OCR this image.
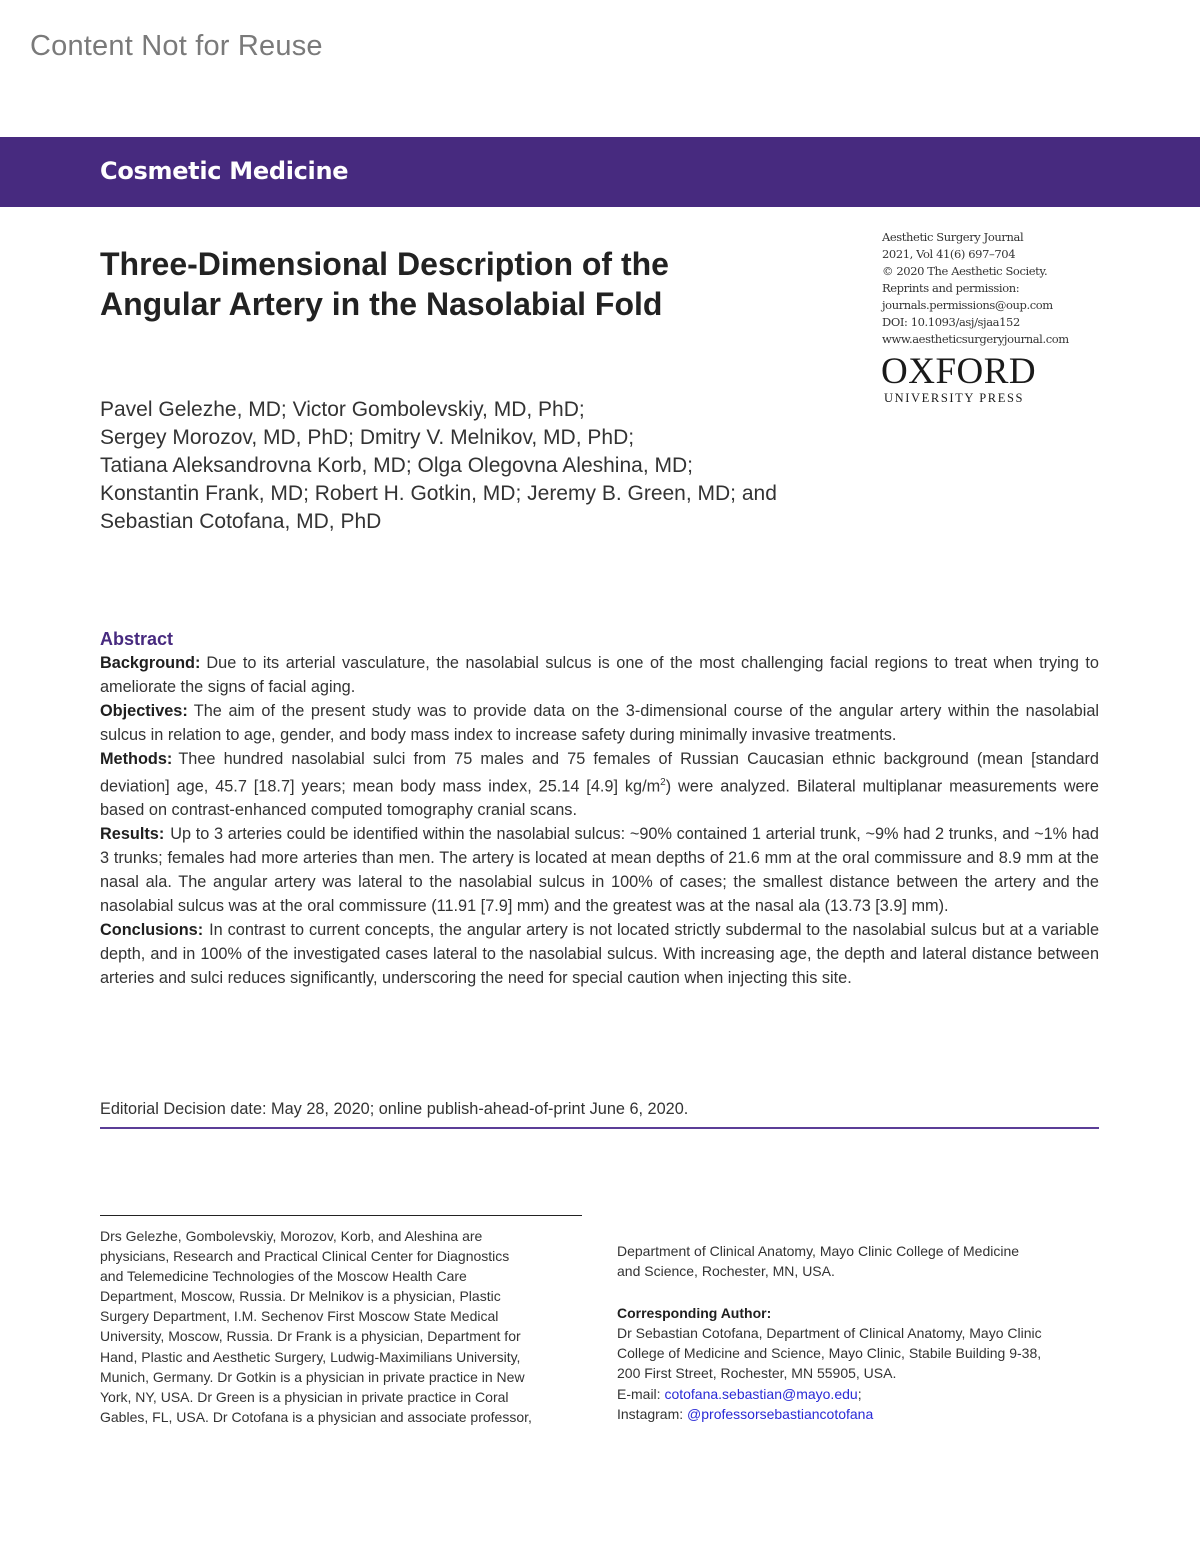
Content Not for Reuse
Cosmetic Medicine
Three-Dimensional Description of the
Angular Artery in the Nasolabial Fold
Aesthetic Surgery Journal
2021, Vol 41(6) 697–704
© 2020 The Aesthetic Society.
Reprints and permission:
journals.permissions@oup.com
DOI: 10.1093/asj/sjaa152
www.aestheticsurgeryjournal.com
OXFORD
UNIVERSITY PRESS
Pavel Gelezhe, MD; Victor Gombolevskiy, MD, PhD;
Sergey Morozov, MD, PhD; Dmitry V. Melnikov, MD, PhD;
Tatiana Aleksandrovna Korb, MD; Olga Olegovna Aleshina, MD;
Konstantin Frank, MD; Robert H. Gotkin, MD; Jeremy B. Green, MD; and
Sebastian Cotofana, MD, PhD
Abstract
Background: Due to its arterial vasculature, the nasolabial sulcus is one of the most challenging facial regions to treat when trying to ameliorate the signs of facial aging.
Objectives: The aim of the present study was to provide data on the 3-dimensional course of the angular artery within the nasolabial sulcus in relation to age, gender, and body mass index to increase safety during minimally invasive treatments.
Methods: Thee hundred nasolabial sulci from 75 males and 75 females of Russian Caucasian ethnic background (mean [standard deviation] age, 45.7 [18.7] years; mean body mass index, 25.14 [4.9] $kg/m^2$) were analyzed. Bilateral multiplanar measurements were based on contrast-enhanced computed tomography cranial scans.
Results: Up to 3 arteries could be identified within the nasolabial sulcus: ~90% contained 1 arterial trunk, ~9% had 2 trunks, and ~1% had 3 trunks; females had more arteries than men. The artery is located at mean depths of 21.6 mm at the oral commissure and 8.9 mm at the nasal ala. The angular artery was lateral to the nasolabial sulcus in 100% of cases; the smallest distance between the artery and the nasolabial sulcus was at the oral commissure (11.91 [7.9] mm) and the greatest was at the nasal ala (13.73 [3.9] mm).
Conclusions: In contrast to current concepts, the angular artery is not located strictly subdermal to the nasolabial sulcus but at a variable depth, and in 100% of the investigated cases lateral to the nasolabial sulcus. With increasing age, the depth and lateral distance between arteries and sulci reduces significantly, underscoring the need for special caution when injecting this site.
Editorial Decision date: May 28, 2020; online publish-ahead-of-print June 6, 2020.
Drs Gelezhe, Gombolevskiy, Morozov, Korb, and Aleshina are
physicians, Research and Practical Clinical Center for Diagnostics
and Telemedicine Technologies of the Moscow Health Care
Department, Moscow, Russia. Dr Melnikov is a physician, Plastic
Surgery Department, I.M. Sechenov First Moscow State Medical
University, Moscow, Russia. Dr Frank is a physician, Department for
Hand, Plastic and Aesthetic Surgery, Ludwig-Maximilians University,
Munich, Germany. Dr Gotkin is a physician in private practice in New
York, NY, USA. Dr Green is a physician in private practice in Coral
Gables, FL, USA. Dr Cotofana is a physician and associate professor,
Department of Clinical Anatomy, Mayo Clinic College of Medicine
and Science, Rochester, MN, USA.
Corresponding Author:
Dr Sebastian Cotofana, Department of Clinical Anatomy, Mayo Clinic
College of Medicine and Science, Mayo Clinic, Stabile Building 9-38,
200 First Street, Rochester, MN 55905, USA.
E-mail: cotofana.sebastian@mayo.edu;
Instagram: @professorsebastiancotofana
